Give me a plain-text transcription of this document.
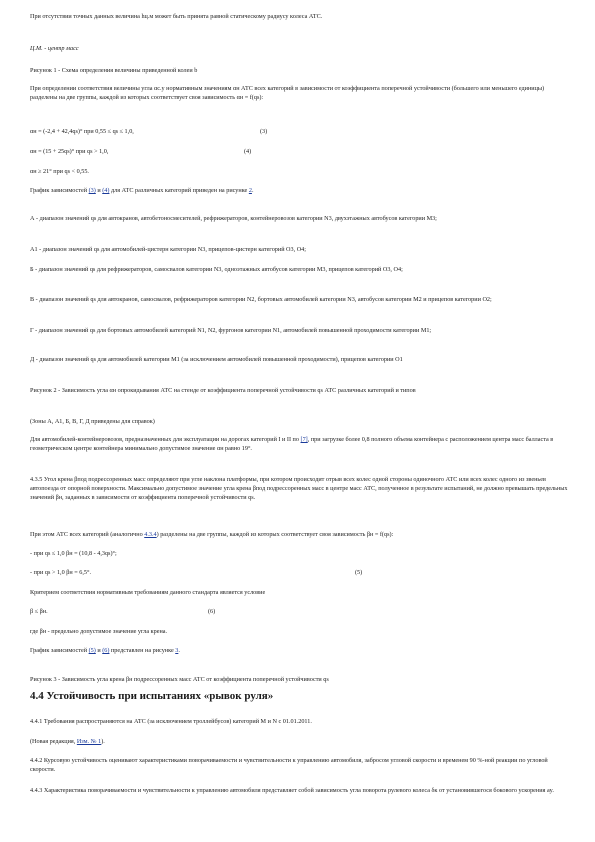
При отсутствии точных данных величина hц.м может быть принята равной статическому радиусу колеса АТС.

Ц.М. - центр масс

Рисунок 1 - Схема определения величины приведенной колеи b

При определении соответствия величины угла αc.у нормативным значениям αн АТС всех категорий в зависимости от коэффициента поперечной устойчивости (большего или меньшего единицы) разделены на две группы, каждой из которых соответствует своя зависимость αн = f(qs):

αн = (-2,4 + 42,4qs)° при 0,55 ≤ qs ≤ 1,0,	(3)

αн = (15 + 25qs)° при qs > 1,0,	(4)

αн ≥ 21° при qs < 0,55.

График зависимостей (3) и (4) для АТС различных категорий приведен на рисунке 2.

А - диапазон значений qs для автокранов, автобетоносмесителей, рефрижераторов, контейнеровозов категории N3, двухэтажных автобусов категории M3;

А1 - диапазон значений qs для автомобилей-цистерн категории N3, прицепов-цистерн категорий O3, O4;

Б - диапазон значений qs для рефрижераторов, самосвалов категории N3, одноэтажных автобусов категории M3, прицепов категорий O3, O4;

В - диапазон значений qs для автокранов, самосвалов, рефрижераторов категории N2, бортовых автомобилей категории N3, автобусов категории M2 и прицепов категории O2;

Г - диапазон значений qs для бортовых автомобилей категорий N1, N2, фургонов категории N1, автомобилей повышенной проходимости категории M1;

Д - диапазон значений qs для автомобилей категории M1 (за исключением автомобилей повышенной проходимости), прицепов категории O1

Рисунок 2 - Зависимость угла αн опрокидывания АТС на стенде от коэффициента поперечной устойчивости qs АТС различных категорий и типов

(Зоны А, А1, Б, В, Г, Д приведены для справок)

Для автомобилей-контейнеровозов, предназначенных для эксплуатации на дорогах категорий I и II по [7], при загрузке более 0,8 полного объема контейнера с расположением центра масс балласта в геометрическом центре контейнера минимально допустимое значение αн равно 19°.

4.3.5 Угол крена βпод подрессоренных масс определяют при угле наклона платформы, при котором происходит отрыв всех колес одной стороны одиночного АТС или всех колес одного из звеньев автопоезда от опорной поверхности. Максимально допустимое значение угла крена βпод подрессоренных масс в центре масс АТС, полученное в результате испытаний, не должно превышать предельных значений βн, заданных в зависимости от коэффициента поперечной устойчивости qs.

При этом АТС всех категорий (аналогично 4.3.4) разделены на две группы, каждой из которых соответствует своя зависимость βн = f(qs):

- при qs ≤ 1,0 βн = (10,8 - 4,3qs)°;

- при qs > 1,0 βн = 6,5°.	(5)

Критерием соответствия нормативным требованиям данного стандарта является условие

β ≤ βн.	(6)

где βн - предельно допустимое значение угла крена.

График зависимостей (5) и (6) представлен на рисунке 3.

Рисунок 3 - Зависимость угла крена βн подрессоренных масс АТС от коэффициента поперечной устойчивости qs

4.4 Устойчивость при испытаниях «рывок руля»

4.4.1 Требования распространяются на АТС (за исключением троллейбусов) категорий M и N с 01.01.2011.

(Новая редакция, Изм. № 1).

4.4.2 Курсовую устойчивость оценивают характеристиками поворачиваемости и чувствительности к управлению автомобиля, забросом угловой скорости и временем 90 %-ной реакции по угловой скорости.

4.4.3 Характеристика поворачиваемости и чувствительности к управлению автомобиля представляет собой зависимость угла поворота рулевого колеса δк от установившегося бокового ускорения ay.
